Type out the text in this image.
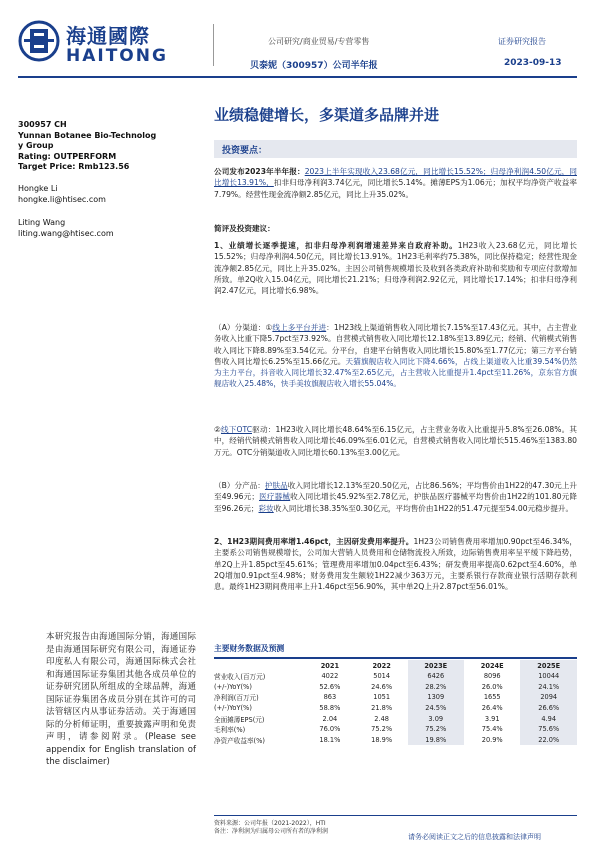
海通國際
HAITONG
公司研究/商业贸易/专营零售	证券研究报告
贝泰妮（300957）公司半年报	2023-09-13
300957 CH
Yunnan Botanee Bio-Technolog
y Group
Rating: OUTPERFORM
Target Price: Rmb123.56
Hongke Li
hongke.li@htisec.com
Liting Wang
liting.wang@htisec.com
本研究报告由海通国际分销，海通国际是由海通国际研究有限公司，海通证券印度私人有限公司，海通国际株式会社和海通国际证券集团其他各成员单位的证券研究团队所组成的全球品牌，海通国际证券集团各成员分别在其许可的司法管辖区内从事证券活动。关于海通国际的分析师证明，重要披露声明和免责声明，请参阅附录。(Please see appendix for English translation of the disclaimer)
业绩稳健增长，多渠道多品牌并进
投资要点：
公司发布2023年半年报：2023上半年实现收入23.68亿元，同比增长15.52%；归母净利润4.50亿元，同比增长13.91%，扣非归母净利润3.74亿元，同比增长5.14%。摊薄EPS为1.06元；加权平均净资产收益率7.79%。经营性现金流净额2.85亿元，同比上升35.02%。
简评及投资建议：
1、业绩增长逐季提速，扣非归母净利润增速差异来自政府补助。1H23收入23.68亿元，同比增长15.52%；归母净利润4.50亿元，同比增长13.91%。1H23毛利率约75.38%，同比保持稳定；经营性现金流净额2.85亿元，同比上升35.02%。主因公司销售规模增长及收到各类政府补助和奖励和专项应付款增加所致。单2Q收入15.04亿元，同比增长21.21%；归母净利润2.92亿元，同比增长17.14%；扣非归母净利润2.47亿元，同比增长6.98%。
（A）分渠道：①线上多平台并进：1H23线上渠道销售收入同比增长7.15%至17.43亿元。其中，占主营业务收入比重下降5.7pct至73.92%。自营模式销售收入同比增长12.18%至13.89亿元；经销、代销模式销售收入同比下降8.89%至3.54亿元。分平台，自建平台销售收入同比增长15.80%至1.77亿元；第三方平台销售收入同比增长6.25%至15.66亿元。天猫旗舰店收入同比下降4.66%，占线上渠道收入比重39.54%仍然为主力平台，抖音收入同比增长32.47%至2.65亿元，占主营收入比重提升1.4pct至11.26%，京东官方旗舰店收入25.48%，快手美妆旗舰店收入增长55.04%。
②线下OTC驱动：1H23收入同比增长48.64%至6.15亿元，占主营业务收入比重提升5.8%至26.08%。其中，经销代销模式销售收入同比增长46.09%至6.01亿元，自营模式销售收入同比增长515.46%至1383.80万元。OTC分销渠道收入同比增长60.13%至3.00亿元。
（B）分产品：护肤品收入同比增长12.13%至20.50亿元，占比86.56%；平均售价由1H22的47.30元上升至49.96元；医疗器械收入同比增长45.92%至2.78亿元，护肤品医疗器械平均售价由1H22的101.80元降至96.26元；彩妆收入同比增长38.35%至0.30亿元，平均售价由1H22的51.47元提至54.00元稳步提升。
2、1H23期间费用率增1.46pct，主因研发费用率提升。1H23公司销售费用率增加0.90pct至46.34%，主要系公司销售规模增长，公司加大营销人员费用和仓储物流投入所致，边际销售费用率呈平缓下降趋势，单2Q上升1.85pct至45.61%；管理费用率增加0.04pct至6.43%；研发费用率提高0.62pct至4.60%，单2Q增加0.91pct至4.98%；财务费用发生额较1H22减少363万元，主要系银行存款商业银行活期存款利息。最终1H23期间费用率上升1.46pct至56.90%，其中单2Q上升2.87pct至56.01%。
主要财务数据及预测
	2021	2022	2023E	2024E	2025E
营业收入(百万元)	4022	5014	6426	8096	10044
(+/-)YoY(%)	52.6%	24.6%	28.2%	26.0%	24.1%
净利润(百万元)	863	1051	1309	1655	2094
(+/-)YoY(%)	58.8%	21.8%	24.5%	26.4%	26.6%
全面摊薄EPS(元)	2.04	2.48	3.09	3.91	4.94
毛利率(%)	76.0%	75.2%	75.2%	75.4%	75.6%
净资产收益率(%)	18.1%	18.9%	19.8%	20.9%	22.0%
资料来源：公司年报（2021-2022），HTI
备注：净利润为归属母公司所有者的净利润
请务必阅读正文之后的信息披露和法律声明
